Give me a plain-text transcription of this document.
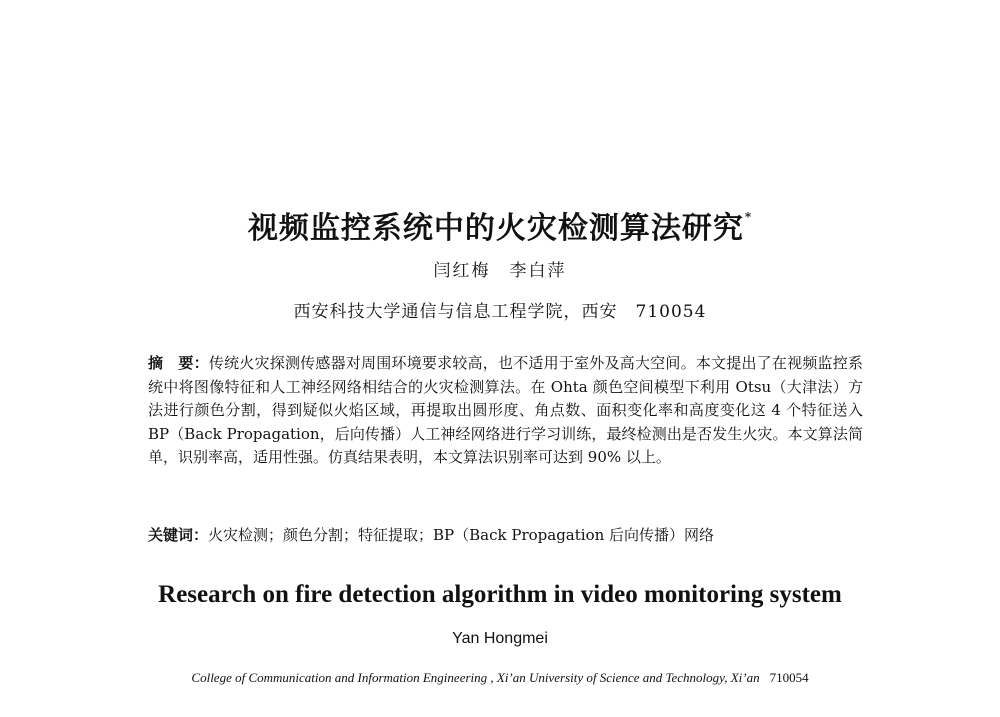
视频监控系统中的火灾检测算法研究*
闫红梅　李白萍
西安科技大学通信与信息工程学院，西安　710054
摘　要：传统火灾探测传感器对周围环境要求较高，也不适用于室外及高大空间。本文提出了在视频监控系统中将图像特征和人工神经网络相结合的火灾检测算法。在 Ohta 颜色空间模型下利用 Otsu（大津法）方法进行颜色分割，得到疑似火焰区域，再提取出圆形度、角点数、面积变化率和高度变化这 4 个特征送入 BP（Back Propagation，后向传播）人工神经网络进行学习训练，最终检测出是否发生火灾。本文算法简单，识别率高，适用性强。仿真结果表明，本文算法识别率可达到 90% 以上。
关键词：火灾检测；颜色分割；特征提取；BP（Back Propagation 后向传播）网络
Research on fire detection algorithm in video monitoring system
Yan Hongmei
College of Communication and Information Engineering , Xi’an University of Science and Technology, Xi’an 710054
